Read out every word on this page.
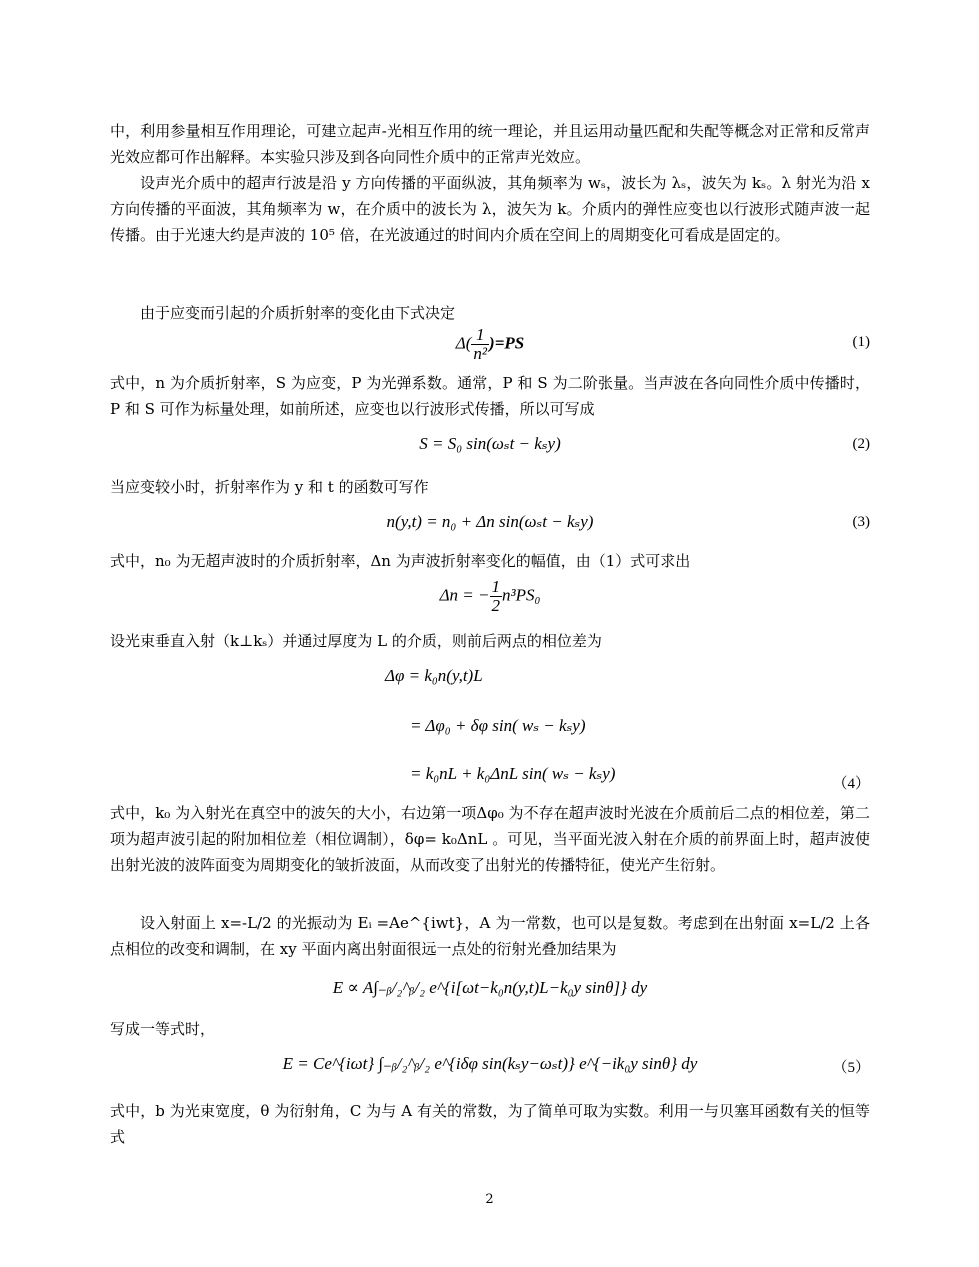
中，利用参量相互作用理论，可建立起声-光相互作用的统一理论，并且运用动量匹配和失配等概念对正常和反常声光效应都可作出解释。本实验只涉及到各向同性介质中的正常声光效应。

设声光介质中的超声行波是沿 y 方向传播的平面纵波，其角频率为 wₛ，波长为 λₛ，波矢为 kₛ。λ 射光为沿 x 方向传播的平面波，其角频率为 w，在介质中的波长为 λ，波矢为 k。介质内的弹性应变也以行波形式随声波一起传播。由于光速大约是声波的 10⁵ 倍，在光波通过的时间内介质在空间上的周期变化可看成是固定的。

由于应变而引起的介质折射率的变化由下式决定

$\Delta( \frac{1}{\text{n²}} )=PS$	(1)

式中，n 为介质折射率，S 为应变，P 为光弹系数。通常，P 和 S 为二阶张量。当声波在各向同性介质中传播时，P 和 S 可作为标量处理，如前所述，应变也以行波形式传播，所以可写成

S = S₀ sin(ωₛt − kₛy)	(2)

当应变较小时，折射率作为 y 和 t 的函数可写作

n(y,t) = n₀ + Δn sin(ωₛt − kₛy)	(3)

式中，n₀ 为无超声波时的介质折射率，Δn 为声波折射率变化的幅值，由（1）式可求出

Δn = − $\frac{1}{2} n^3PS_0$

设光束垂直入射（k⊥kₛ）并通过厚度为 L 的介质，则前后两点的相位差为

Δφ = k₀n(y,t)L
= Δφ₀ + δφ sin( wₛ − kₛy)
= k₀nL + k₀ΔnL sin( wₛ − kₛy)
（4）

式中，k₀ 为入射光在真空中的波矢的大小，右边第一项Δφ₀ 为不存在超声波时光波在介质前后二点的相位差，第二项为超声波引起的附加相位差（相位调制），δφ= k₀ΔnL 。可见，当平面光波入射在介质的前界面上时，超声波使出射光波的波阵面变为周期变化的皱折波面，从而改变了出射光的传播特征，使光产生衍射。

设入射面上 x=-L/2 的光振动为 Eᵢ =Ae^{iwt}，A 为一常数，也可以是复数。考虑到在出射面 x=L/2 上各点相位的改变和调制，在 xy 平面内离出射面很远一点处的衍射光叠加结果为

E ∝ A∫₋ᵦ/₂^ᵦ/₂ e^{i[ωt−k₀n(y,t)L−k₀y sinθ]} dy

写成一等式时，

E = Ce^{iωt} ∫₋ᵦ/₂^ᵦ/₂ e^{iδφ sin(kₛy−ωₛt)} e^{−ik₀y sinθ} dy	（5）

式中，b 为光束宽度，θ 为衍射角，C 为与 A 有关的常数，为了简单可取为实数。利用一与贝塞耳函数有关的恒等式

2
